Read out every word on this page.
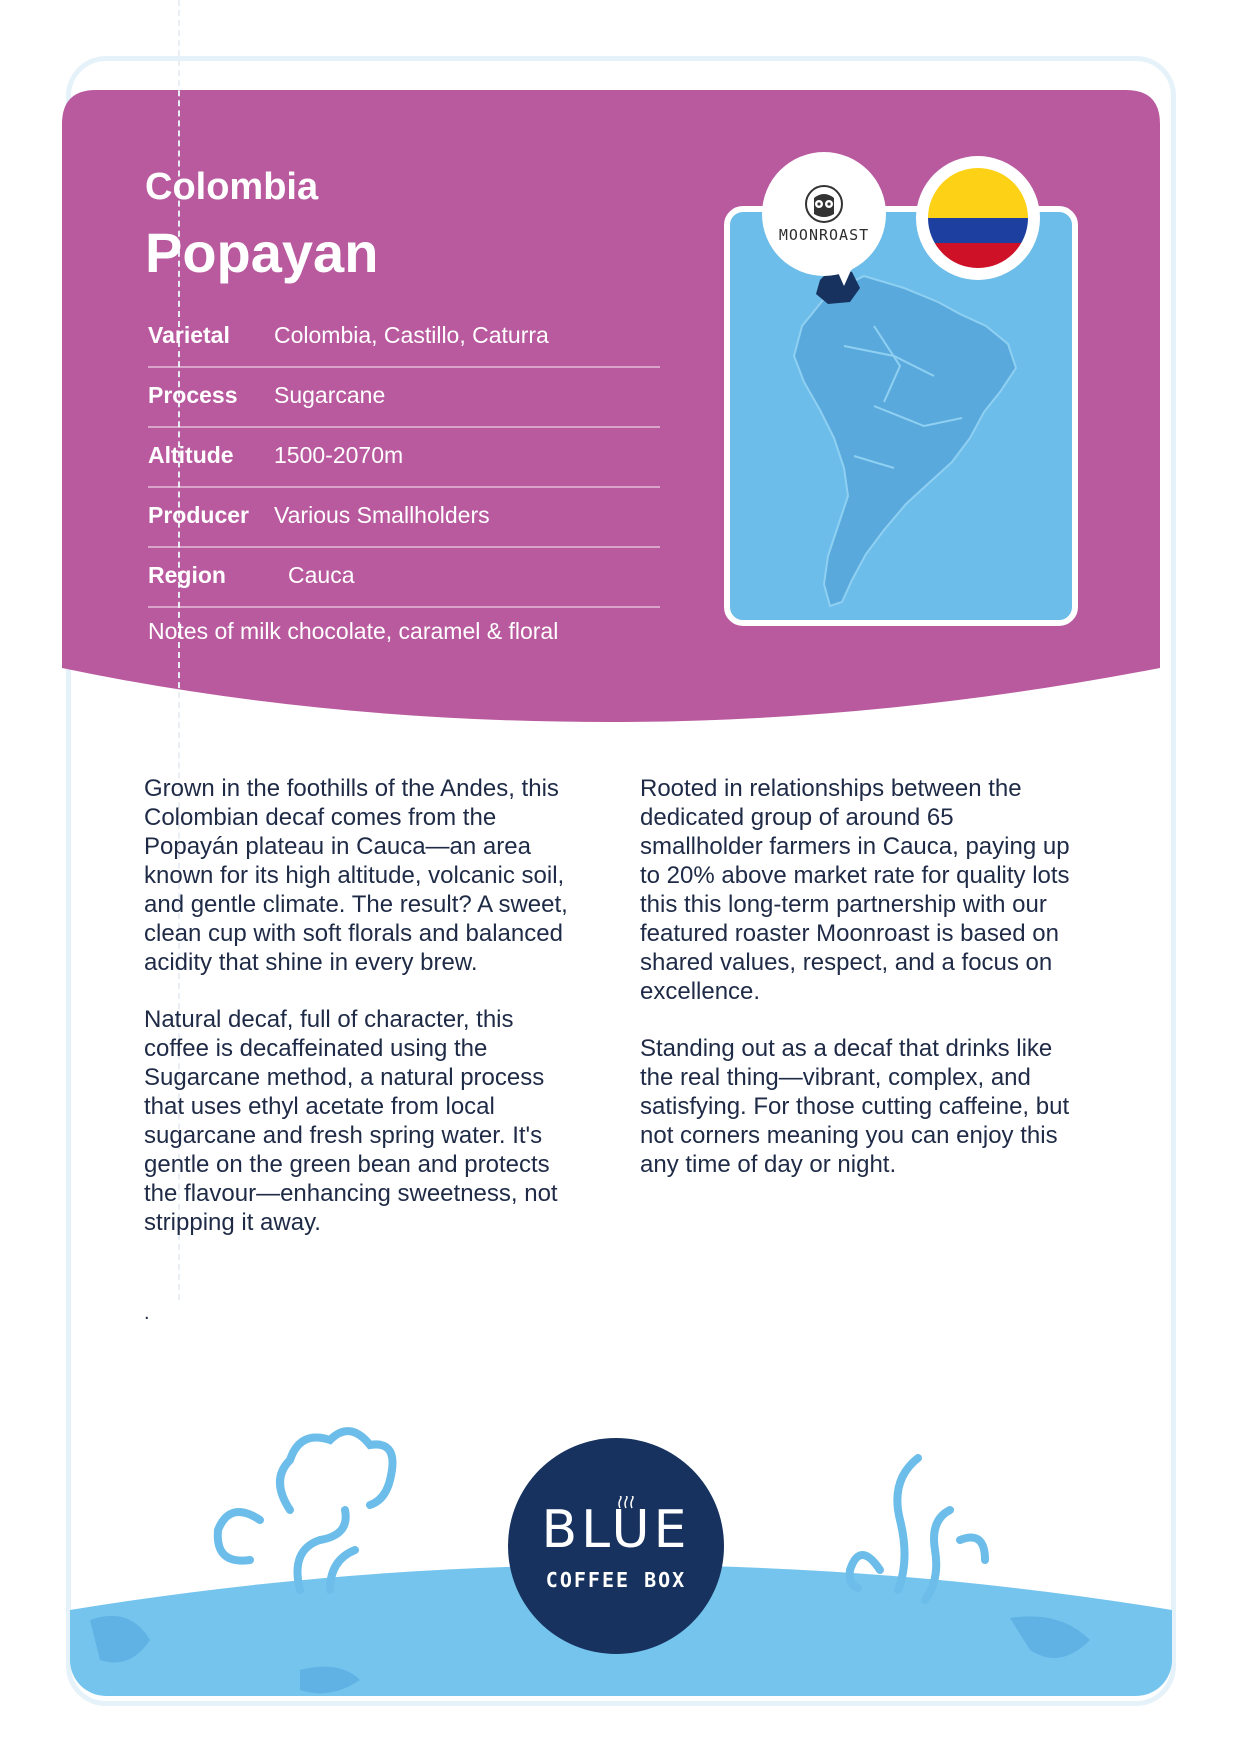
Colombia
Popayan
Varietal Colombia, Castillo, Caturra
Process Sugarcane
Altitude 1500-2070m
Producer Various Smallholders
Region	Cauca
Notes of milk chocolate, caramel & floral
MOONROAST

Grown in the foothills of the Andes, this Colombian decaf comes from the Popayán plateau in Cauca—an area known for its high altitude, volcanic soil, and gentle climate. The result? A sweet, clean cup with soft florals and balanced acidity that shine in every brew.

Natural decaf, full of character, this coffee is decaffeinated using the Sugarcane method, a natural process that uses ethyl acetate from local sugarcane and fresh spring water. It's gentle on the green bean and protects the flavour—enhancing sweetness, not stripping it away.

Rooted in relationships between the dedicated group of around 65 smallholder farmers in Cauca, paying up to 20% above market rate for quality lots this this long-term partnership with our featured roaster Moonroast is based on shared values, respect, and a focus on excellence.

Standing out as a decaf that drinks like the real thing—vibrant, complex, and satisfying. For those cutting caffeine, but not corners meaning you can enjoy this any time of day or night.

.
BLUE
COFFEE BOX
